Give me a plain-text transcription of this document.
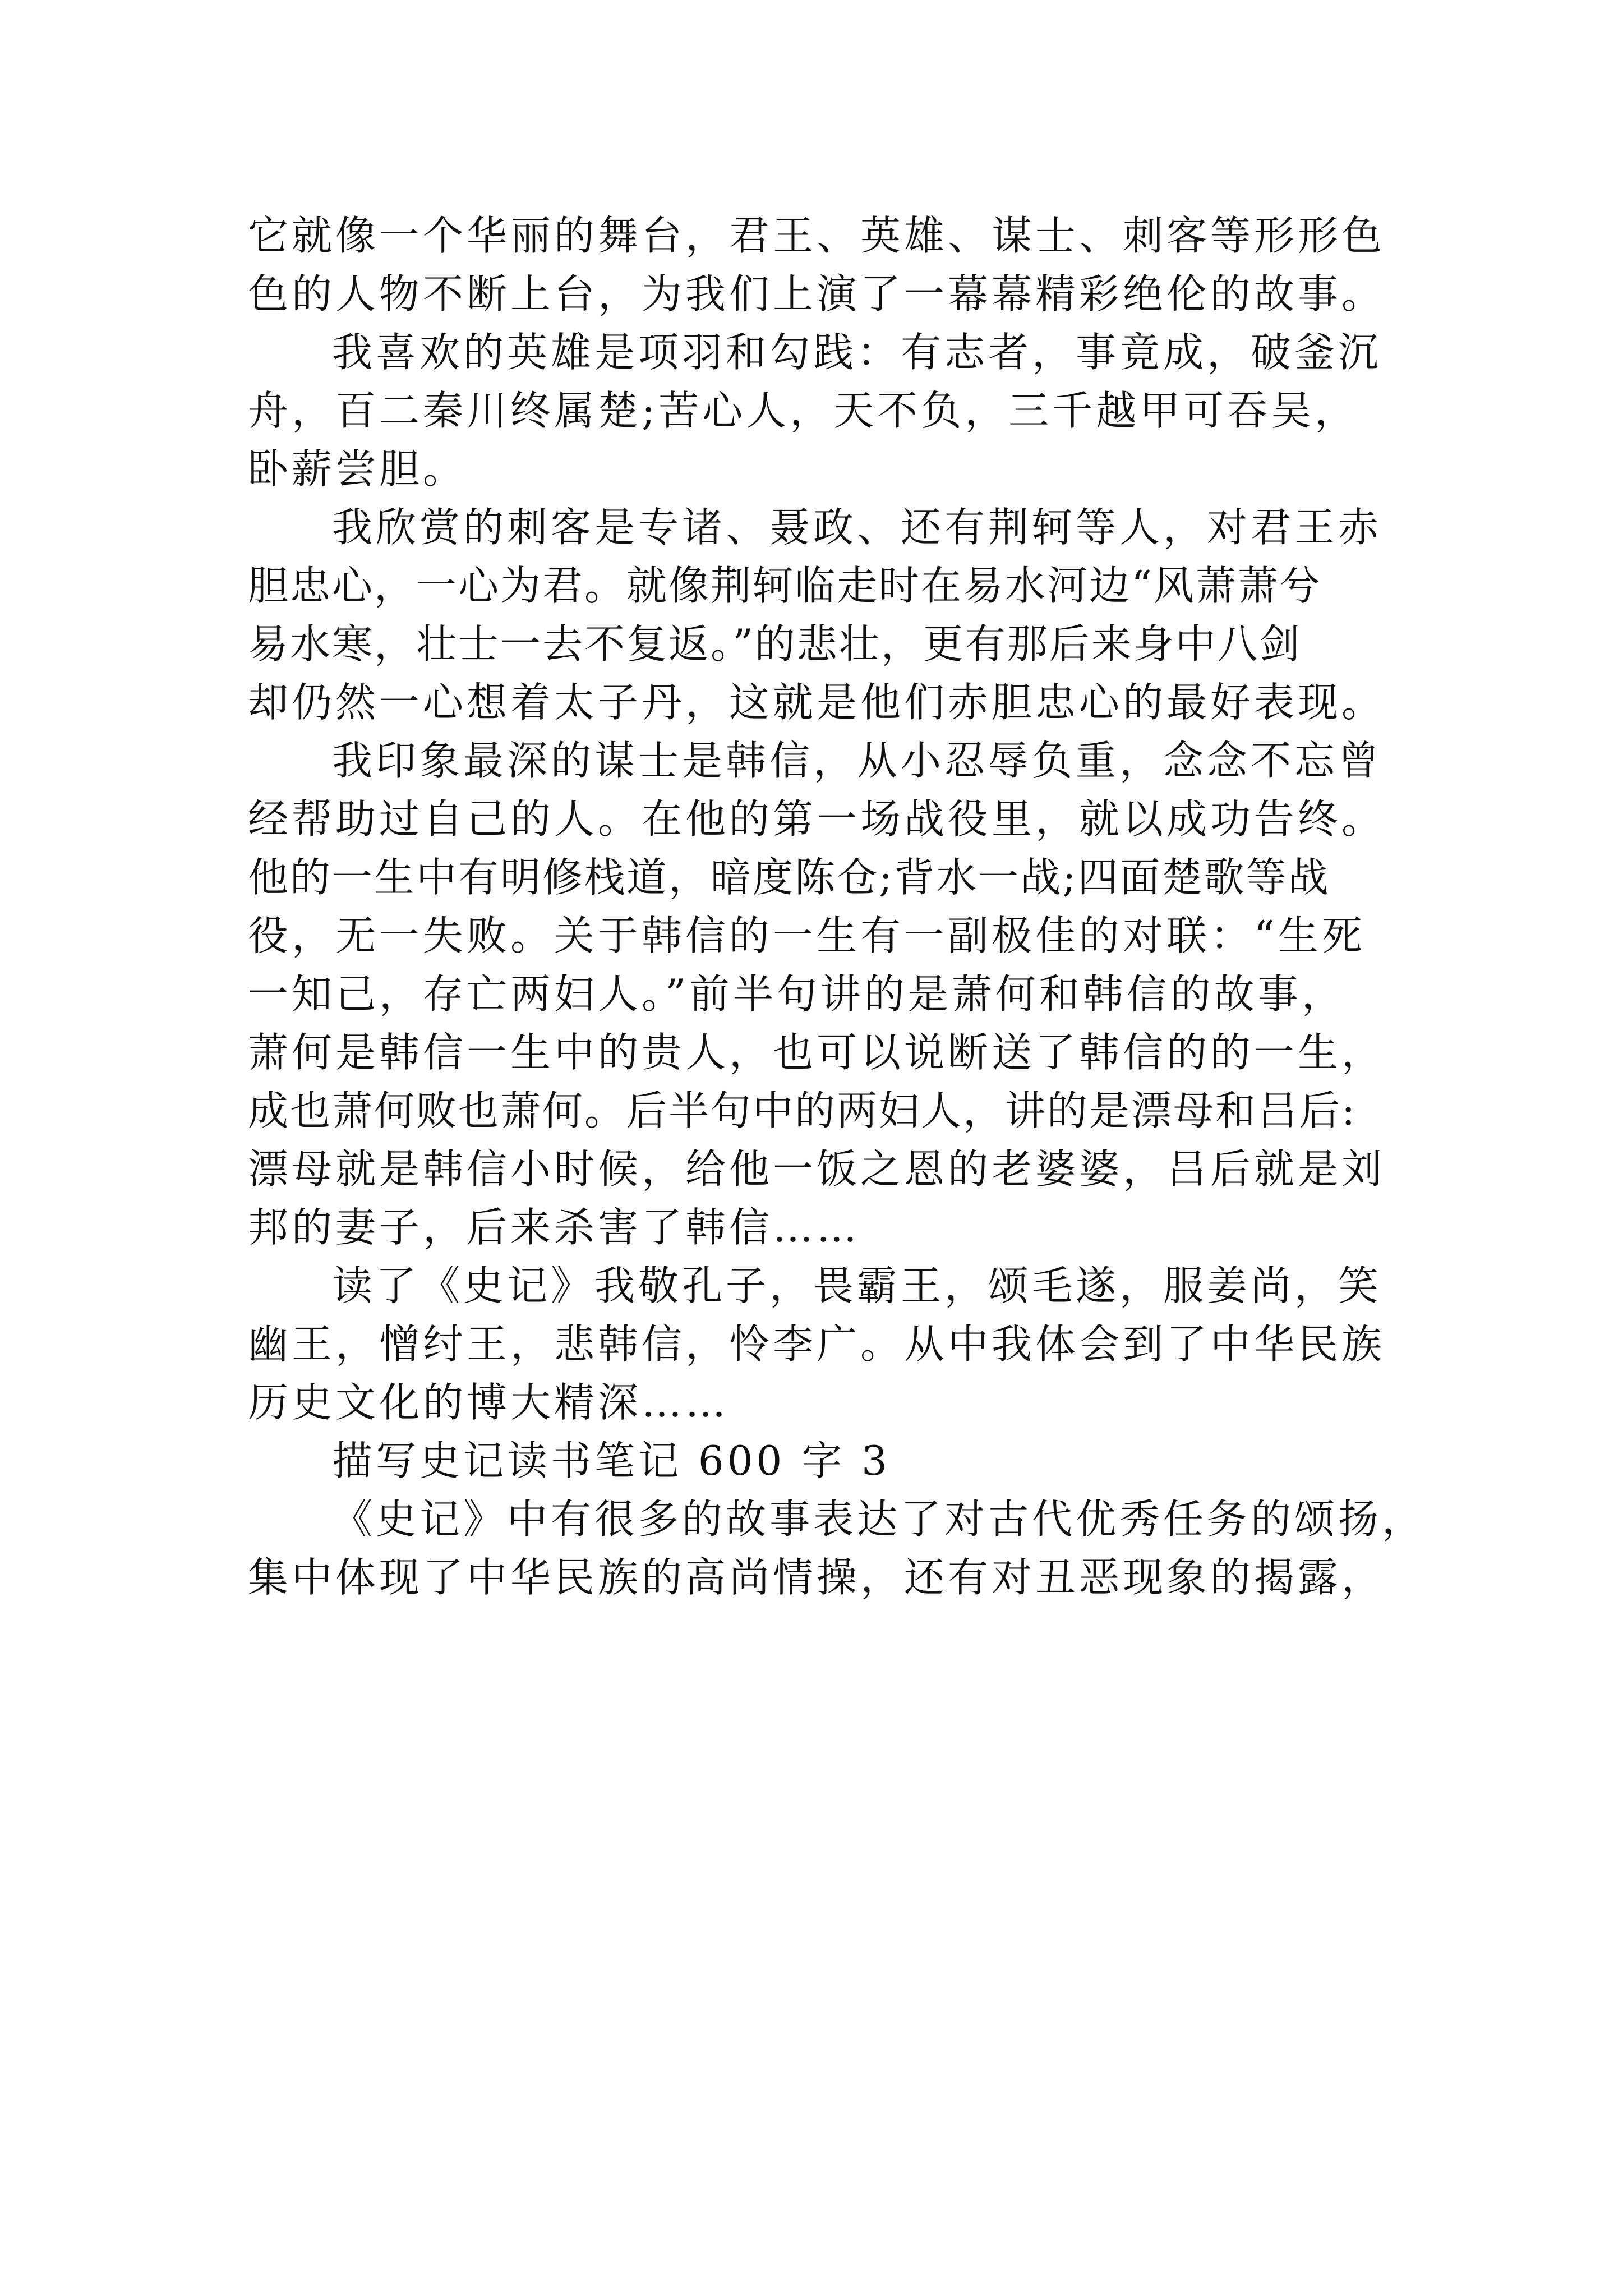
它就像一个华丽的舞台，君王、英雄、谋士、刺客等形形色
色的人物不断上台，为我们上演了一幕幕精彩绝伦的故事。
我喜欢的英雄是项羽和勾践：有志者，事竟成，破釜沉
舟，百二秦川终属楚;苦心人，天不负，三千越甲可吞吴，
卧薪尝胆。
我欣赏的刺客是专诸、聂政、还有荆轲等人，对君王赤
胆忠心，一心为君。就像荆轲临走时在易水河边“风萧萧兮
易水寒，壮士一去不复返。”的悲壮，更有那后来身中八剑
却仍然一心想着太子丹，这就是他们赤胆忠心的最好表现。
我印象最深的谋士是韩信，从小忍辱负重，念念不忘曾
经帮助过自己的人。在他的第一场战役里，就以成功告终。
他的一生中有明修栈道，暗度陈仓;背水一战;四面楚歌等战
役，无一失败。关于韩信的一生有一副极佳的对联：“生死
一知己，存亡两妇人。”前半句讲的是萧何和韩信的故事，
萧何是韩信一生中的贵人，也可以说断送了韩信的的一生，
成也萧何败也萧何。后半句中的两妇人，讲的是漂母和吕后:
漂母就是韩信小时候，给他一饭之恩的老婆婆，吕后就是刘
邦的妻子，后来杀害了韩信……
读了《史记》我敬孔子，畏霸王，颂毛遂，服姜尚，笑
幽王，憎纣王，悲韩信，怜李广。从中我体会到了中华民族
历史文化的博大精深……
描写史记读书笔记 600 字 3
《史记》中有很多的故事表达了对古代优秀任务的颂扬，
集中体现了中华民族的高尚情操，还有对丑恶现象的揭露，
